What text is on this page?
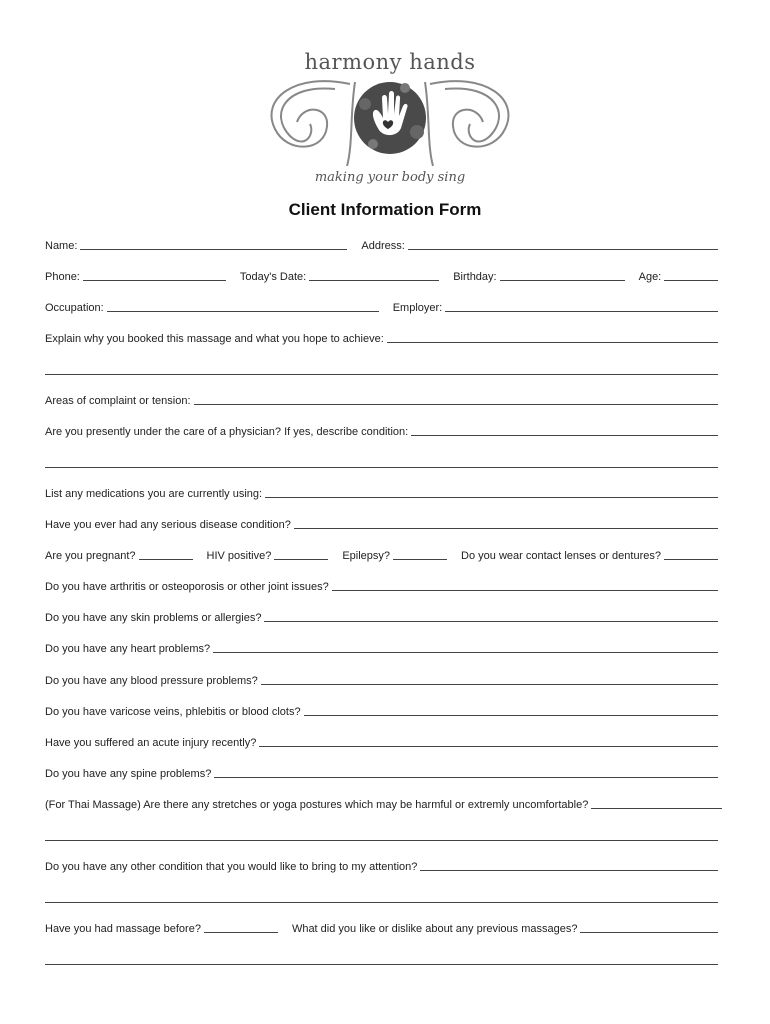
harmony hands
making your body sing
Client Information Form
Name:	Address:
Phone:	Today's Date:	Birthday:	Age:
Occupation:	Employer:
Explain why you booked this massage and what you hope to achieve:
Areas of complaint or tension:
Are you presently under the care of a physician? If yes, describe condition:
List any medications you are currently using:
Have you ever had any serious disease condition?
Are you pregnant?	HIV positive?	Epilepsy?	Do you wear contact lenses or dentures?
Do you have arthritis or osteoporosis or other joint issues?
Do you have any skin problems or allergies?
Do you have any heart problems?
Do you have any blood pressure problems?
Do you have varicose veins, phlebitis or blood clots?
Have you suffered an acute injury recently?
Do you have any spine problems?
(For Thai Massage) Are there any stretches or yoga postures which may be harmful or extremly uncomfortable?
Do you have any other condition that you would like to bring to my attention?
Have you had massage before?	What did you like or dislike about any previous massages?
